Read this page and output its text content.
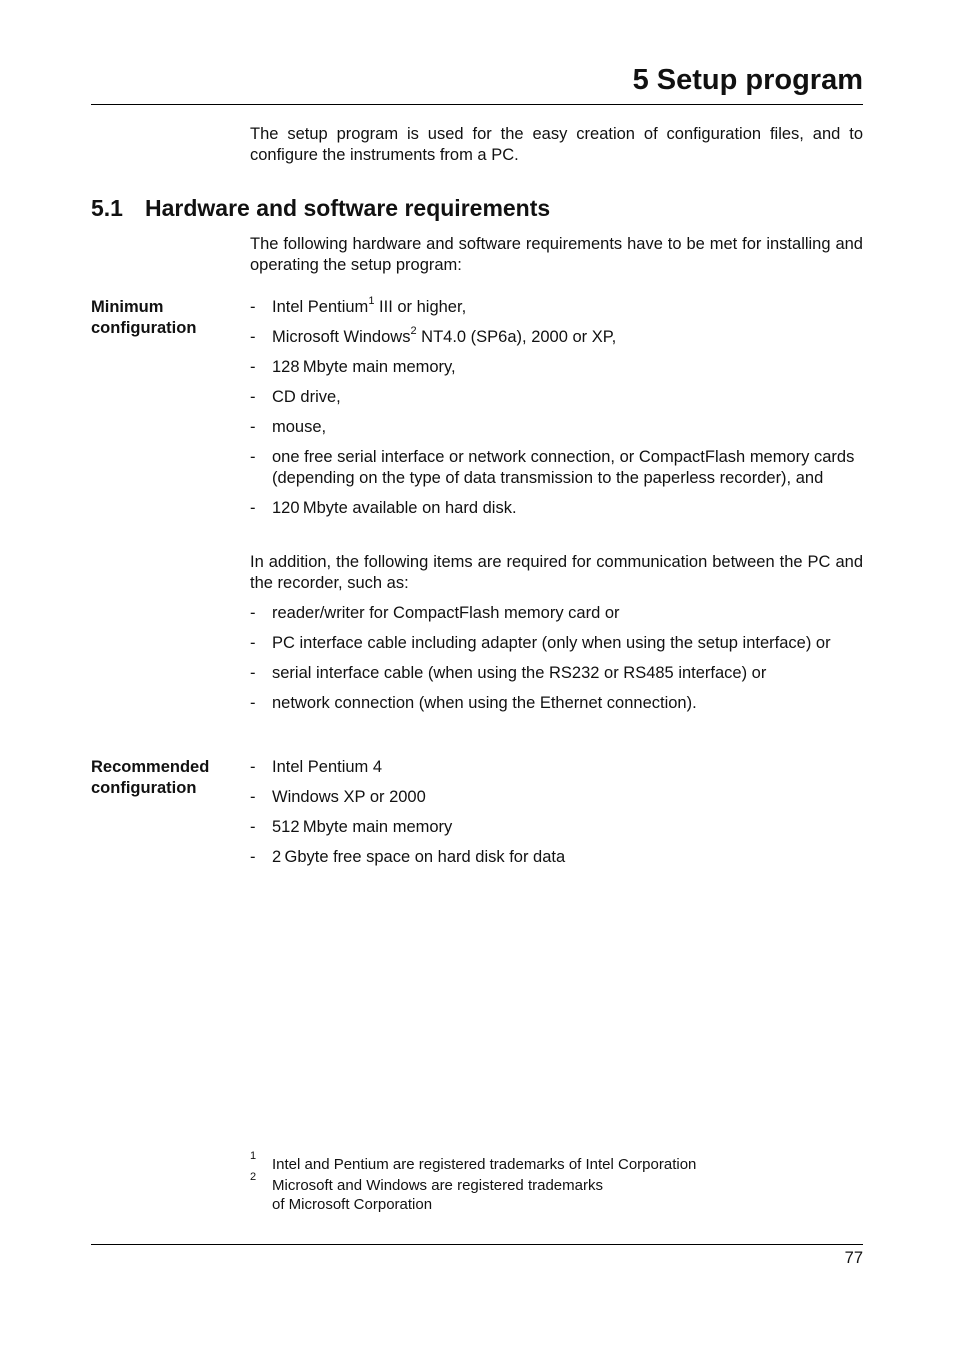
5 Setup program

The setup program is used for the easy creation of configuration files, and to configure the instruments from a PC.

5.1 Hardware and software requirements

The following hardware and software requirements have to be met for installing and operating the setup program:

Minimum
configuration
- Intel Pentium$^1$ III or higher,
- Microsoft Windows$^2$ NT4.0 (SP6a), 2000 or XP,
- 128 Mbyte main memory,
- CD drive,
- mouse,
- one free serial interface or network connection, or CompactFlash memory cards (depending on the type of data transmission to the paperless recorder), and
- 120 Mbyte available on hard disk.

In addition, the following items are required for communication between the PC and the recorder, such as:

- reader/writer for CompactFlash memory card or
- PC interface cable including adapter (only when using the setup interface) or
- serial interface cable (when using the RS232 or RS485 interface) or
- network connection (when using the Ethernet connection).
Recommended
configuration
- Intel Pentium 4
- Windows XP or 2000
- 512 Mbyte main memory
- 2 Gbyte free space on hard disk for data
1 Intel and Pentium are registered trademarks of Intel Corporation
2 Microsoft and Windows are registered trademarks
of Microsoft Corporation
77
